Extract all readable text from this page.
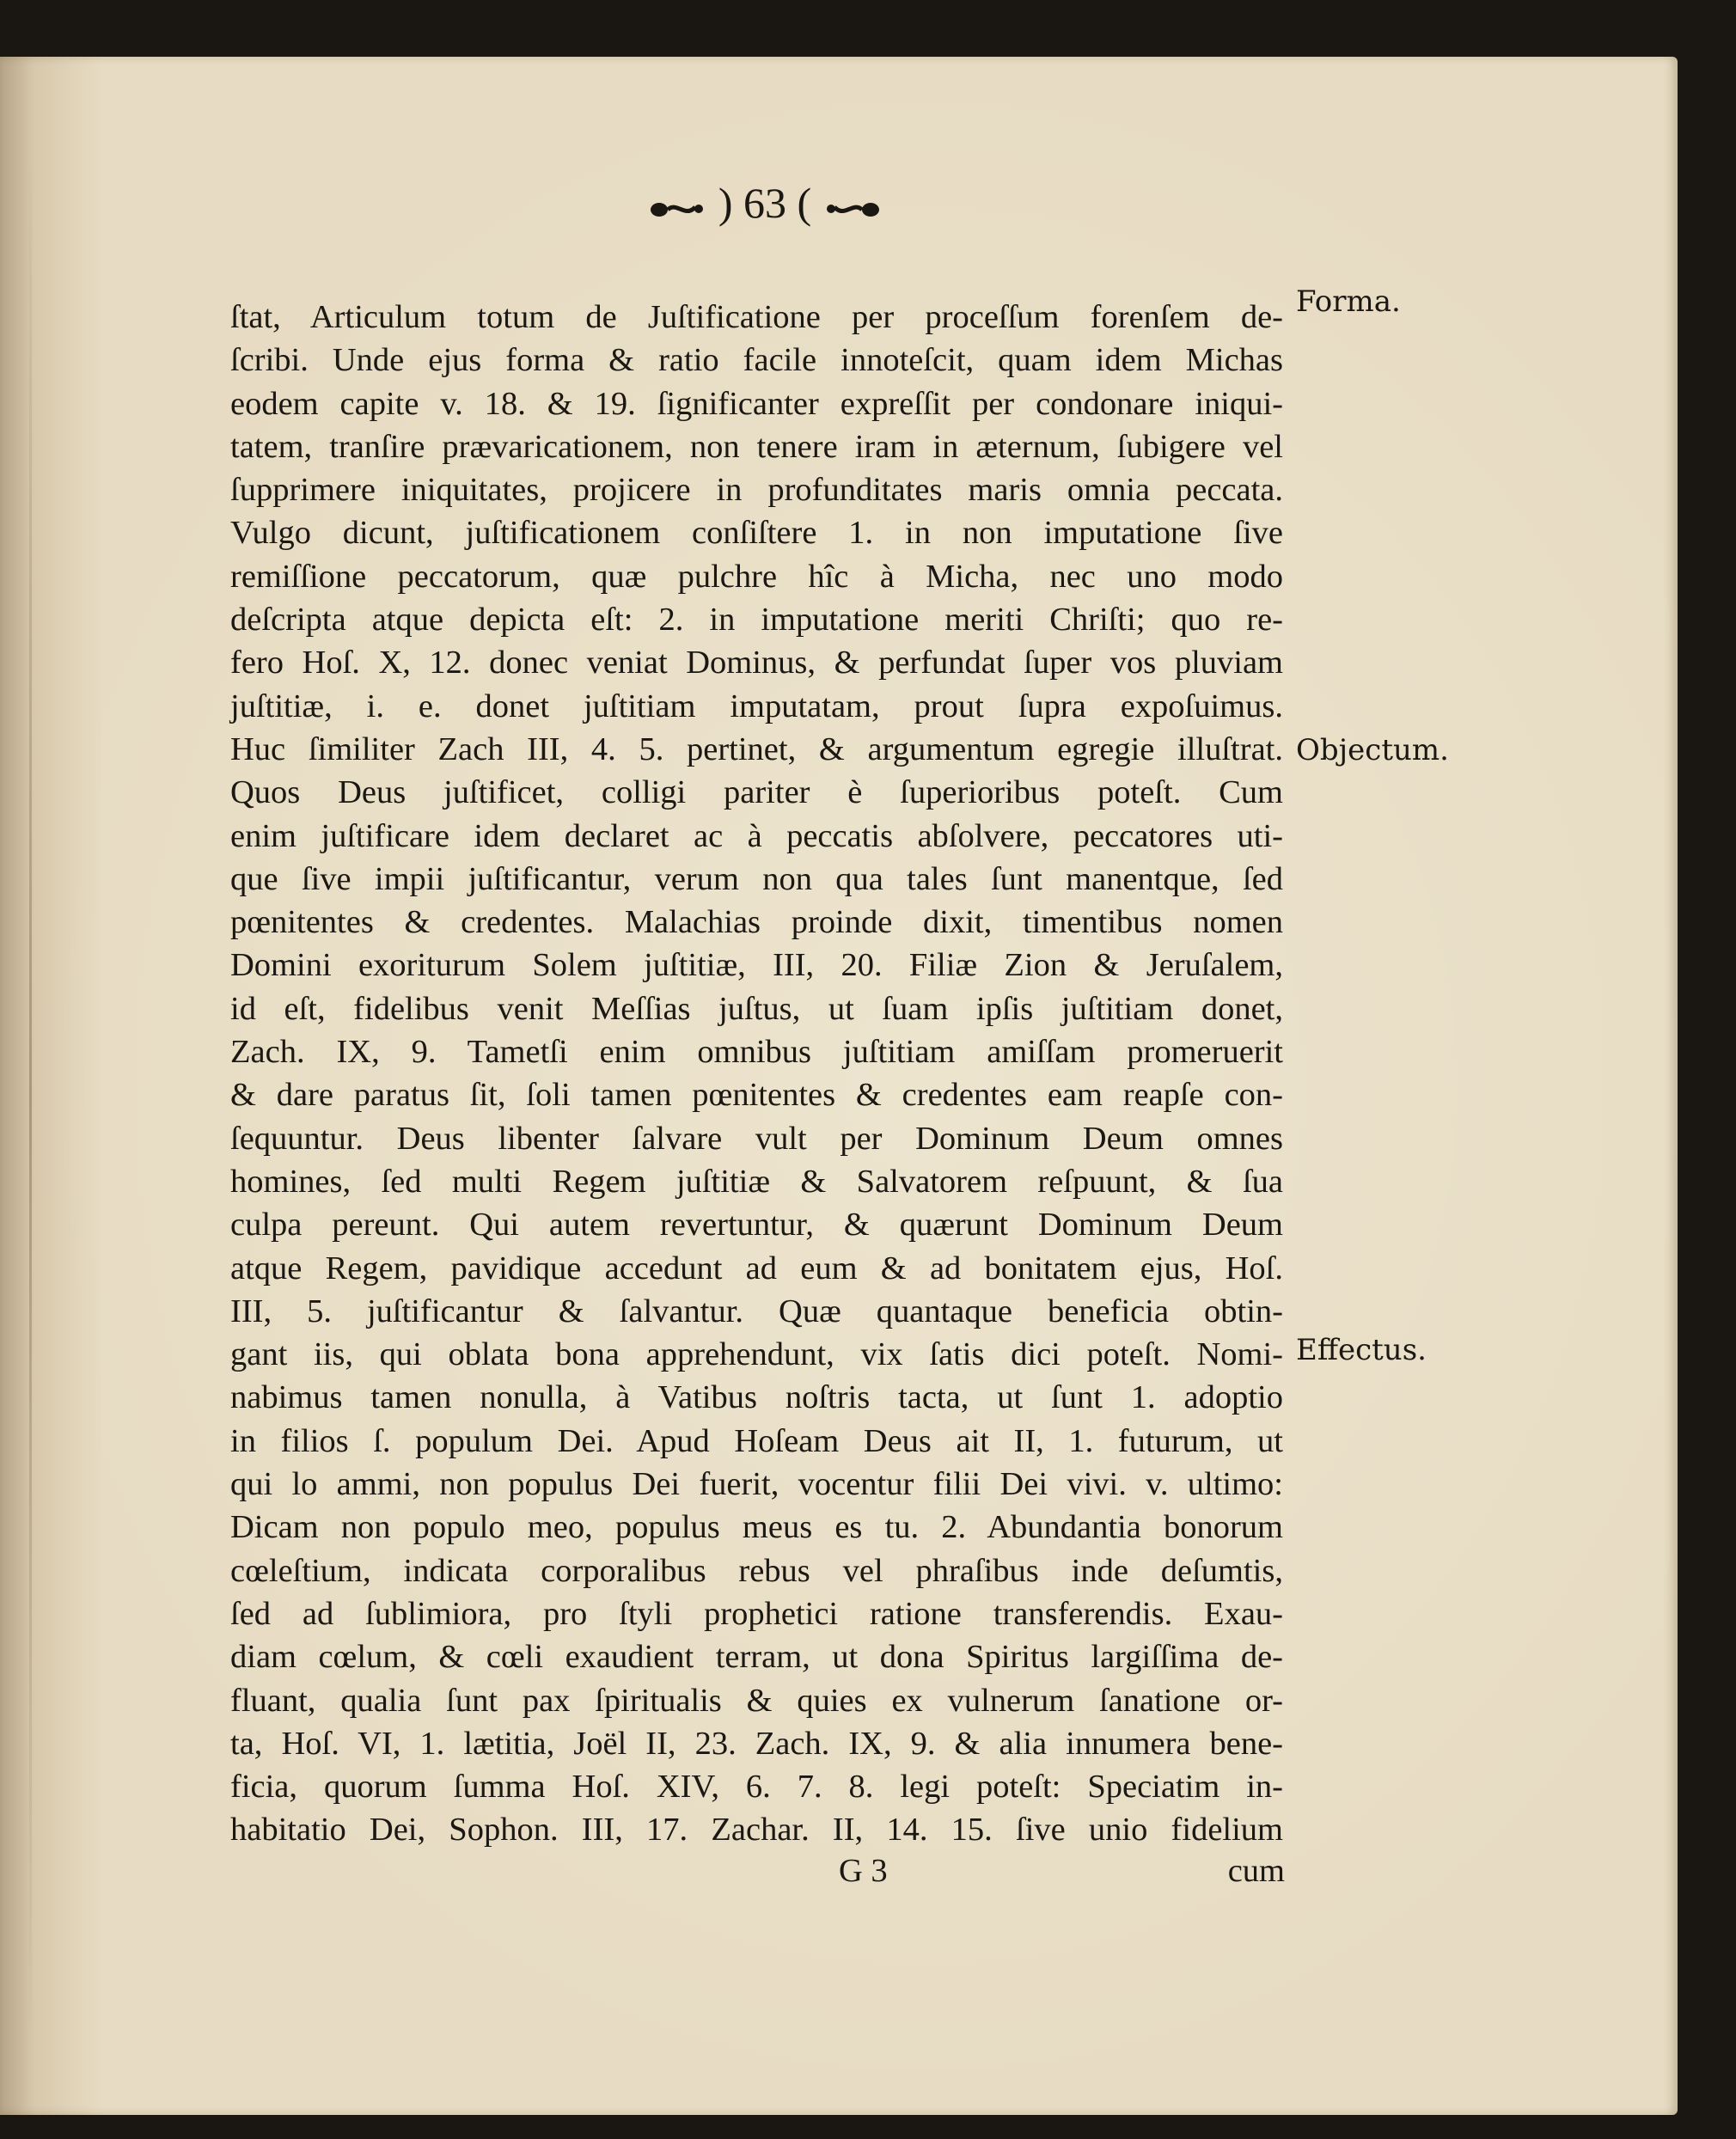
) 63 (
ſtat, Articulum totum de Juſtificatione per proceſſum forenſem de-
ſcribi. Unde ejus forma & ratio facile innoteſcit, quam idem Michas
eodem capite v. 18. & 19. ſignificanter expreſſit per condonare iniqui-
tatem, tranſire prævaricationem, non tenere iram in æternum, ſubigere vel
ſupprimere iniquitates, projicere in profunditates maris omnia peccata.
Vulgo dicunt, juſtificationem conſiſtere 1. in non imputatione ſive
remiſſione peccatorum, quæ pulchre hîc à Micha, nec uno modo
deſcripta atque depicta eſt: 2. in imputatione meriti Chriſti; quo re-
fero Hoſ. X, 12. donec veniat Dominus, & perfundat ſuper vos pluviam
juſtitiæ, i. e. donet juſtitiam imputatam, prout ſupra expoſuimus.
Huc ſimiliter Zach III, 4. 5. pertinet, & argumentum egregie illuſtrat.
Quos Deus juſtificet, colligi pariter è ſuperioribus poteſt. Cum
enim juſtificare idem declaret ac à peccatis abſolvere, peccatores uti-
que ſive impii juſtificantur, verum non qua tales ſunt manentque, ſed
pœnitentes & credentes. Malachias proinde dixit, timentibus nomen
Domini exoriturum Solem juſtitiæ, III, 20. Filiæ Zion & Jeruſalem,
id eſt, fidelibus venit Meſſias juſtus, ut ſuam ipſis juſtitiam donet,
Zach. IX, 9. Tametſi enim omnibus juſtitiam amiſſam promeruerit
& dare paratus ſit, ſoli tamen pœnitentes & credentes eam reapſe con-
ſequuntur. Deus libenter ſalvare vult per Dominum Deum omnes
homines, ſed multi Regem juſtitiæ & Salvatorem reſpuunt, & ſua
culpa pereunt. Qui autem revertuntur, & quærunt Dominum Deum
atque Regem, pavidique accedunt ad eum & ad bonitatem ejus, Hoſ.
III, 5. juſtificantur & ſalvantur. Quæ quantaque beneficia obtin-
gant iis, qui oblata bona apprehendunt, vix ſatis dici poteſt. Nomi-
nabimus tamen nonulla, à Vatibus noſtris tacta, ut ſunt 1. adoptio
in filios ſ. populum Dei. Apud Hoſeam Deus ait II, 1. futurum, ut
qui lo ammi, non populus Dei fuerit, vocentur filii Dei vivi. v. ultimo:
Dicam non populo meo, populus meus es tu. 2. Abundantia bonorum
cœleſtium, indicata corporalibus rebus vel phraſibus inde deſumtis,
ſed ad ſublimiora, pro ſtyli prophetici ratione transferendis. Exau-
diam cœlum, & cœli exaudient terram, ut dona Spiritus largiſſima de-
fluant, qualia ſunt pax ſpiritualis & quies ex vulnerum ſanatione or-
ta, Hoſ. VI, 1. lætitia, Joël II, 23. Zach. IX, 9. & alia innumera bene-
ficia, quorum ſumma Hoſ. XIV, 6. 7. 8. legi poteſt: Speciatim in-
habitatio Dei, Sophon. III, 17. Zachar. II, 14. 15. ſive unio fidelium
G 3	cum
Forma.
Objectum.
Effectus.
